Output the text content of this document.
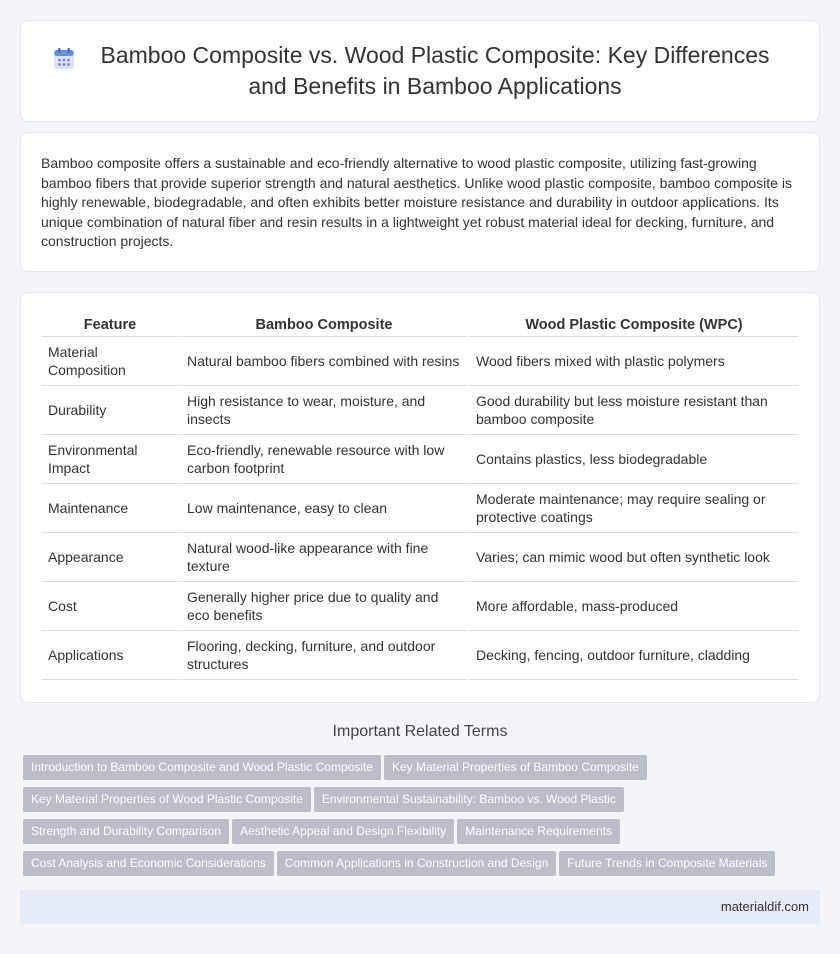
Bamboo Composite vs. Wood Plastic Composite: Key Differences and Benefits in Bamboo Applications

Bamboo composite offers a sustainable and eco-friendly alternative to wood plastic composite, utilizing fast-growing bamboo fibers that provide superior strength and natural aesthetics. Unlike wood plastic composite, bamboo composite is highly renewable, biodegradable, and often exhibits better moisture resistance and durability in outdoor applications. Its unique combination of natural fiber and resin results in a lightweight yet robust material ideal for decking, furniture, and construction projects.

Feature	Bamboo Composite	Wood Plastic Composite (WPC)
Material Composition	Natural bamboo fibers combined with resins	Wood fibers mixed with plastic polymers
Durability	High resistance to wear, moisture, and insects	Good durability but less moisture resistant than bamboo composite
Environmental Impact	Eco-friendly, renewable resource with low carbon footprint	Contains plastics, less biodegradable
Maintenance	Low maintenance, easy to clean	Moderate maintenance; may require sealing or protective coatings
Appearance	Natural wood-like appearance with fine texture	Varies; can mimic wood but often synthetic look
Cost	Generally higher price due to quality and eco benefits	More affordable, mass-produced
Applications	Flooring, decking, furniture, and outdoor structures	Decking, fencing, outdoor furniture, cladding
Important Related Terms
Introduction to Bamboo Composite and Wood Plastic Composite Key Material Properties of Bamboo Composite
Key Material Properties of Wood Plastic Composite Environmental Sustainability: Bamboo vs. Wood Plastic
Strength and Durability Comparison Aesthetic Appeal and Design Flexibility Maintenance Requirements
Cost Analysis and Economic Considerations Common Applications in Construction and Design Future Trends in Composite Materials
materialdif.com
